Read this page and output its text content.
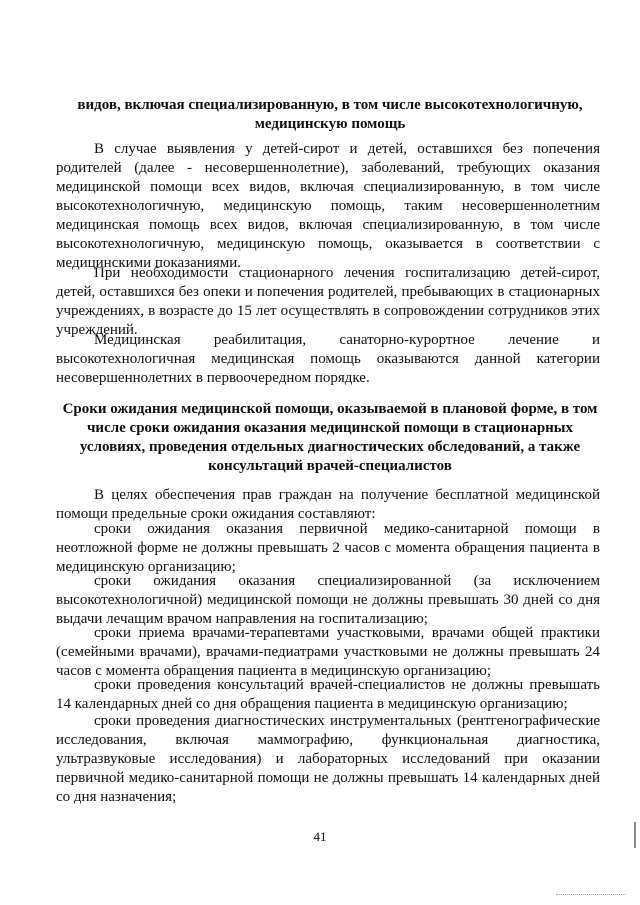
видов, включая специализированную, в том числе высокотехнологичную, медицинскую помощь

В случае выявления у детей-сирот и детей, оставшихся без попечения родителей (далее - несовершеннолетние), заболеваний, требующих оказания медицинской помощи всех видов, включая специализированную, в том числе высокотехнологичную, медицинскую помощь, таким несовершеннолетним медицинская помощь всех видов, включая специализированную, в том числе высокотехнологичную, медицинскую помощь, оказывается в соответствии с медицинскими показаниями.

При необходимости стационарного лечения госпитализацию детей-сирот, детей, оставшихся без опеки и попечения родителей, пребывающих в стационарных учреждениях, в возрасте до 15 лет осуществлять в сопровождении сотрудников этих учреждений.

Медицинская реабилитация, санаторно-курортное лечение и высокотехнологичная медицинская помощь оказываются данной категории несовершеннолетних в первоочередном порядке.

Сроки ожидания медицинской помощи, оказываемой в плановой форме, в том числе сроки ожидания оказания медицинской помощи в стационарных условиях, проведения отдельных диагностических обследований, а также консультаций врачей-специалистов

В целях обеспечения прав граждан на получение бесплатной медицинской помощи предельные сроки ожидания составляют:

сроки ожидания оказания первичной медико-санитарной помощи в неотложной форме не должны превышать 2 часов с момента обращения пациента в медицинскую организацию;

сроки ожидания оказания специализированной (за исключением высокотехнологичной) медицинской помощи не должны превышать 30 дней со дня выдачи лечащим врачом направления на госпитализацию;

сроки приема врачами-терапевтами участковыми, врачами общей практики (семейными врачами), врачами-педиатрами участковыми не должны превышать 24 часов с момента обращения пациента в медицинскую организацию;

сроки проведения консультаций врачей-специалистов не должны превышать 14 календарных дней со дня обращения пациента в медицинскую организацию;

сроки проведения диагностических инструментальных (рентгенографические исследования, включая маммографию, функциональная диагностика, ультразвуковые исследования) и лабораторных исследований при оказании первичной медико-санитарной помощи не должны превышать 14 календарных дней со дня назначения;

41
